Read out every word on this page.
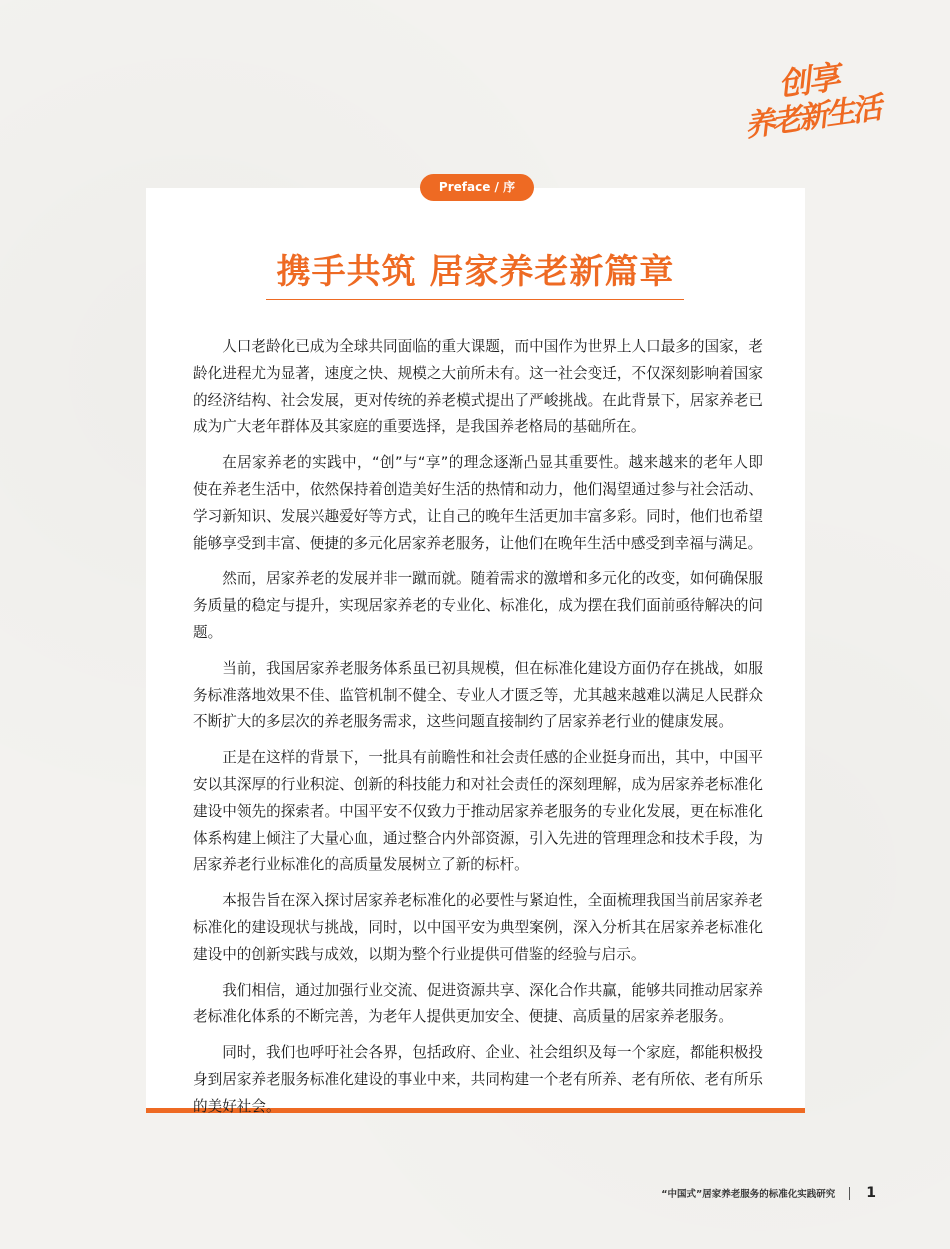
创享
养老新生活
Preface / 序
携手共筑 居家养老新篇章

人口老龄化已成为全球共同面临的重大课题，而中国作为世界上人口最多的国家，老龄化进程尤为显著，速度之快、规模之大前所未有。这一社会变迁，不仅深刻影响着国家的经济结构、社会发展，更对传统的养老模式提出了严峻挑战。在此背景下，居家养老已成为广大老年群体及其家庭的重要选择，是我国养老格局的基础所在。

在居家养老的实践中，“创”与“享”的理念逐渐凸显其重要性。越来越来的老年人即使在养老生活中，依然保持着创造美好生活的热情和动力，他们渴望通过参与社会活动、学习新知识、发展兴趣爱好等方式，让自己的晚年生活更加丰富多彩。同时，他们也希望能够享受到丰富、便捷的多元化居家养老服务，让他们在晚年生活中感受到幸福与满足。

然而，居家养老的发展并非一蹴而就。随着需求的激增和多元化的改变，如何确保服务质量的稳定与提升，实现居家养老的专业化、标准化，成为摆在我们面前亟待解决的问题。

当前，我国居家养老服务体系虽已初具规模，但在标准化建设方面仍存在挑战，如服务标准落地效果不佳、监管机制不健全、专业人才匮乏等，尤其越来越难以满足人民群众不断扩大的多层次的养老服务需求，这些问题直接制约了居家养老行业的健康发展。

正是在这样的背景下，一批具有前瞻性和社会责任感的企业挺身而出，其中，中国平安以其深厚的行业积淀、创新的科技能力和对社会责任的深刻理解，成为居家养老标准化建设中领先的探索者。中国平安不仅致力于推动居家养老服务的专业化发展，更在标准化体系构建上倾注了大量心血，通过整合内外部资源，引入先进的管理理念和技术手段，为居家养老行业标准化的高质量发展树立了新的标杆。

本报告旨在深入探讨居家养老标准化的必要性与紧迫性，全面梳理我国当前居家养老标准化的建设现状与挑战，同时，以中国平安为典型案例，深入分析其在居家养老标准化建设中的创新实践与成效，以期为整个行业提供可借鉴的经验与启示。

我们相信，通过加强行业交流、促进资源共享、深化合作共赢，能够共同推动居家养老标准化体系的不断完善，为老年人提供更加安全、便捷、高质量的居家养老服务。

同时，我们也呼吁社会各界，包括政府、企业、社会组织及每一个家庭，都能积极投身到居家养老服务标准化建设的事业中来，共同构建一个老有所养、老有所依、老有所乐的美好社会。

“中国式”居家养老服务的标准化实践研究 1
